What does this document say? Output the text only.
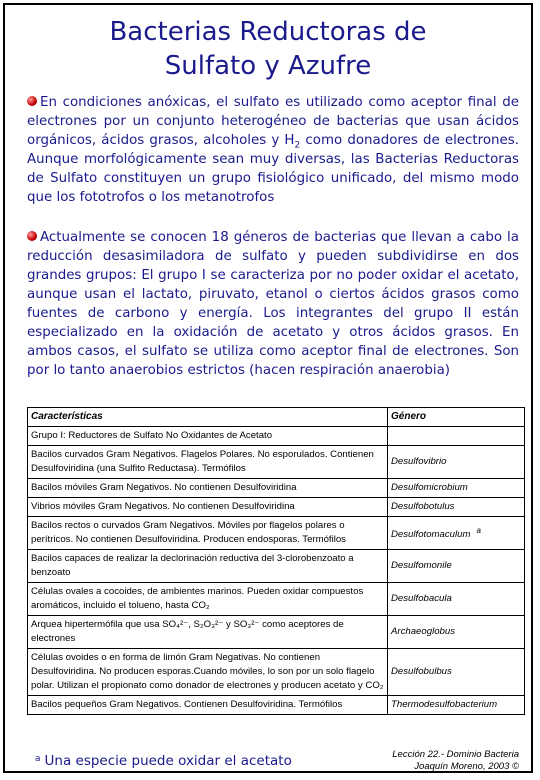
Bacterias Reductoras de
Sulfato y Azufre
En condiciones anóxicas, el sulfato es utilizado como aceptor final de electrones por un conjunto heterogéneo de bacterias que usan ácidos orgánicos, ácidos grasos, alcoholes y $H_2$ como donadores de electrones. Aunque morfológicamente sean muy diversas, las Bacterias Reductoras de Sulfato constituyen un grupo fisiológico unificado, del mismo modo que los fototrofos o los metanotrofos
Actualmente se conocen 18 géneros de bacterias que llevan a cabo la reducción desasimiladora de sulfato y pueden subdividirse en dos grandes grupos: El grupo I se caracteriza por no poder oxidar el acetato, aunque usan el lactato, piruvato, etanol o ciertos ácidos grasos como fuentes de carbono y energía. Los integrantes del grupo II están especializado en la oxidación de acetato y otros ácidos grasos. En ambos casos, el sulfato se utiliza como aceptor final de electrones. Son por lo tanto anaerobios estrictos (hacen respiración anaerobia)
Características	Género
Grupo I: Reductores de Sulfato No Oxidantes de Acetato	
Bacilos curvados Gram Negativos. Flagelos Polares. No esporulados. Contienen Desulfoviridina (una Sulfito Reductasa). Termófilos	Desulfovibrio
Bacilos móviles Gram Negativos. No contienen Desulfoviridina	Desulfomicrobium
Vibrios móviles Gram Negativos. No contienen Desulfoviridina	Desulfobotulus
Bacilos rectos o curvados Gram Negativos. Móviles por flagelos polares o perítricos. No contienen Desulfoviridina. Producen endosporas. Termófilos	Desulfotomaculum $^a$
Bacilos capaces de realizar la declorinación reductiva del 3-clorobenzoato a benzoato	Desulfomonile
Células ovales a cocoides, de ambientes marinos. Pueden oxidar compuestos aromáticos, incluido el tolueno, hasta CO₂	Desulfobacula
Arquea hipertermófila que usa SO₄²⁻, S₂O₃²⁻ y SO₃²⁻ como aceptores de electrones	Archaeoglobus
Células ovoides o en forma de limón Gram Negativas. No contienen Desulfoviridina. No producen esporas.Cuando móviles, lo son por un solo flagelo polar. Utilizan el propionato como donador de electrones y producen acetato y CO₂	Desulfobulbus
Bacilos pequeños Gram Negativos. Contienen Desulfoviridina. Termófilos	Thermodesulfobacterium
$^a$ Una especie puede oxidar el acetato	Lección 22.- Dominio Bacteria
Joaquín Moreno, 2003 ©
